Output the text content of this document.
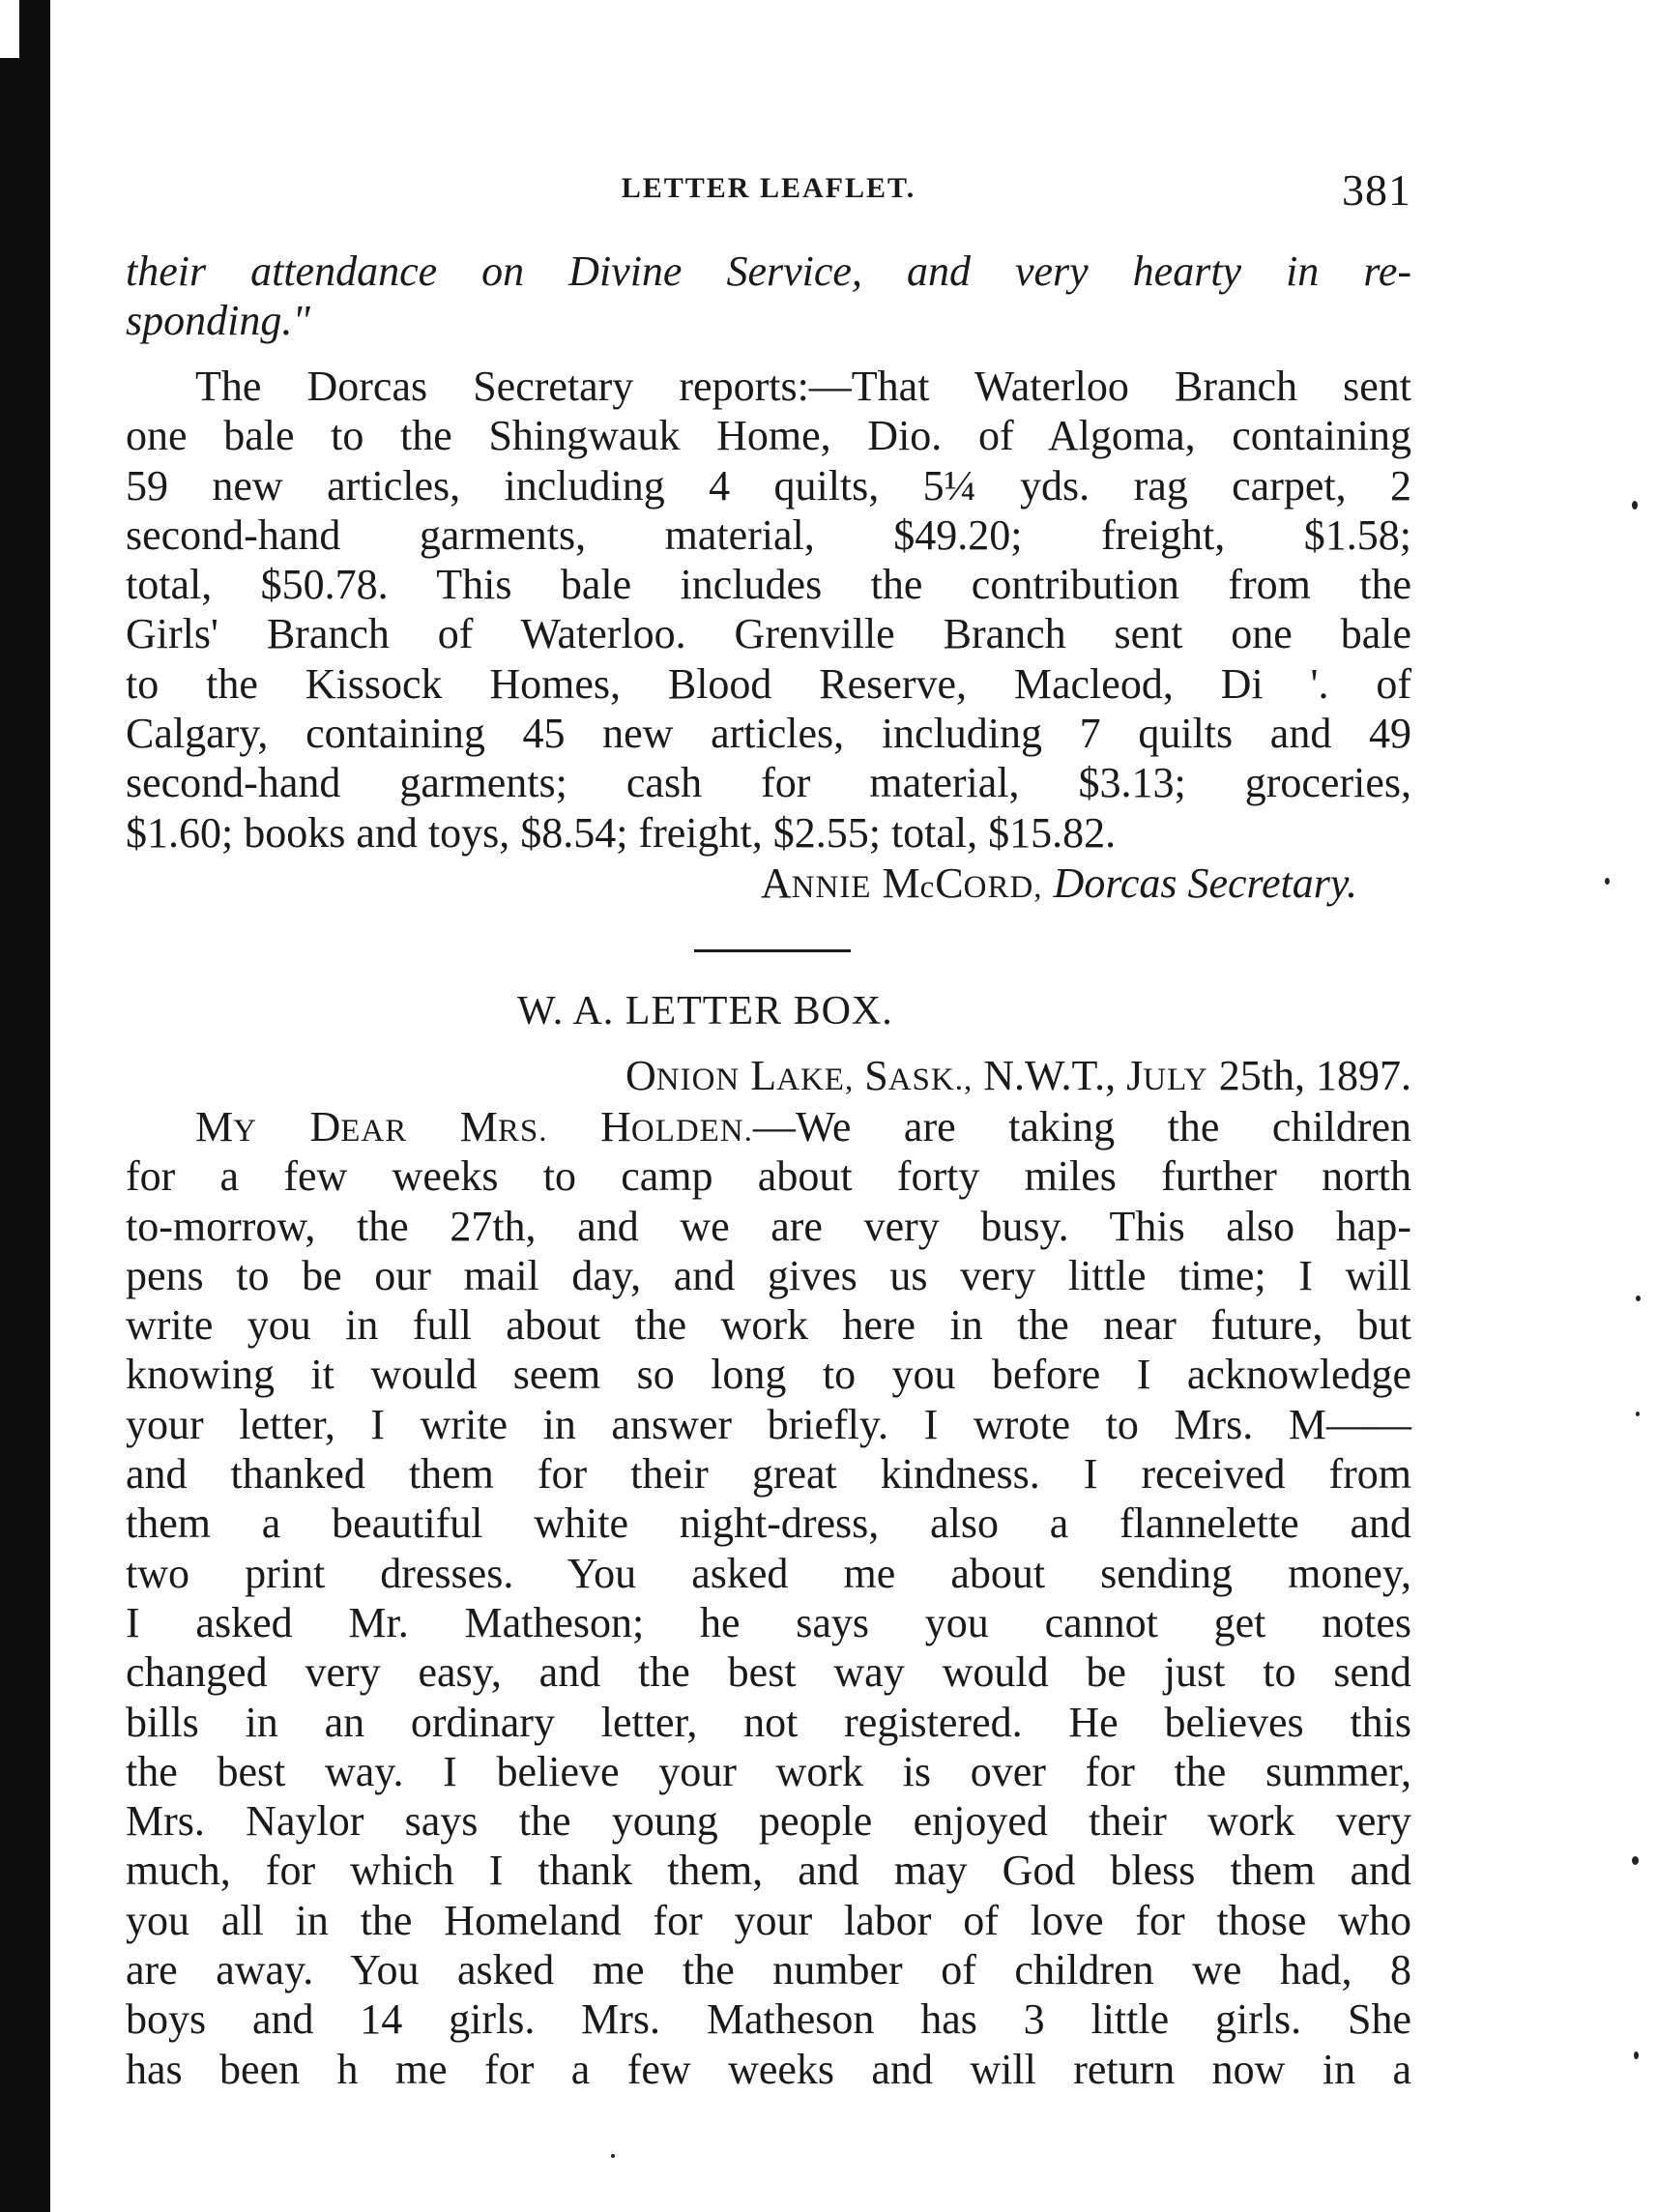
LETTER LEAFLET.	381
their attendance on Divine Service, and very hearty in re-
sponding."
The Dorcas Secretary reports:—That Waterloo Branch sent
one bale to the Shingwauk Home, Dio. of Algoma, containing
59 new articles, including 4 quilts, 5¼ yds. rag carpet, 2
second-hand garments, material, $49.20; freight, $1.58;
total, $50.78. This bale includes the contribution from the
Girls' Branch of Waterloo. Grenville Branch sent one bale
to the Kissock Homes, Blood Reserve, Macleod, Di '. of
Calgary, containing 45 new articles, including 7 quilts and 49
second-hand garments; cash for material, $3.13; groceries,
$1.60; books and toys, $8.54; freight, $2.55; total, $15.82.
ANNIE McCORD, Dorcas Secretary.
W. A. LETTER BOX.
ONION LAKE, SASK., N.W.T., JULY 25th, 1897.
MY DEAR MRS. HOLDEN.—We are taking the children
for a few weeks to camp about forty miles further north
to-morrow, the 27th, and we are very busy. This also hap-
pens to be our mail day, and gives us very little time; I will
write you in full about the work here in the near future, but
knowing it would seem so long to you before I acknowledge
your letter, I write in answer briefly. I wrote to Mrs. M——
and thanked them for their great kindness. I received from
them a beautiful white night-dress, also a flannelette and
two print dresses. You asked me about sending money,
I asked Mr. Matheson; he says you cannot get notes
changed very easy, and the best way would be just to send
bills in an ordinary letter, not registered. He believes this
the best way. I believe your work is over for the summer,
Mrs. Naylor says the young people enjoyed their work very
much, for which I thank them, and may God bless them and
you all in the Homeland for your labor of love for those who
are away. You asked me the number of children we had, 8
boys and 14 girls. Mrs. Matheson has 3 little girls. She
has been h me for a few weeks and will return now in a
